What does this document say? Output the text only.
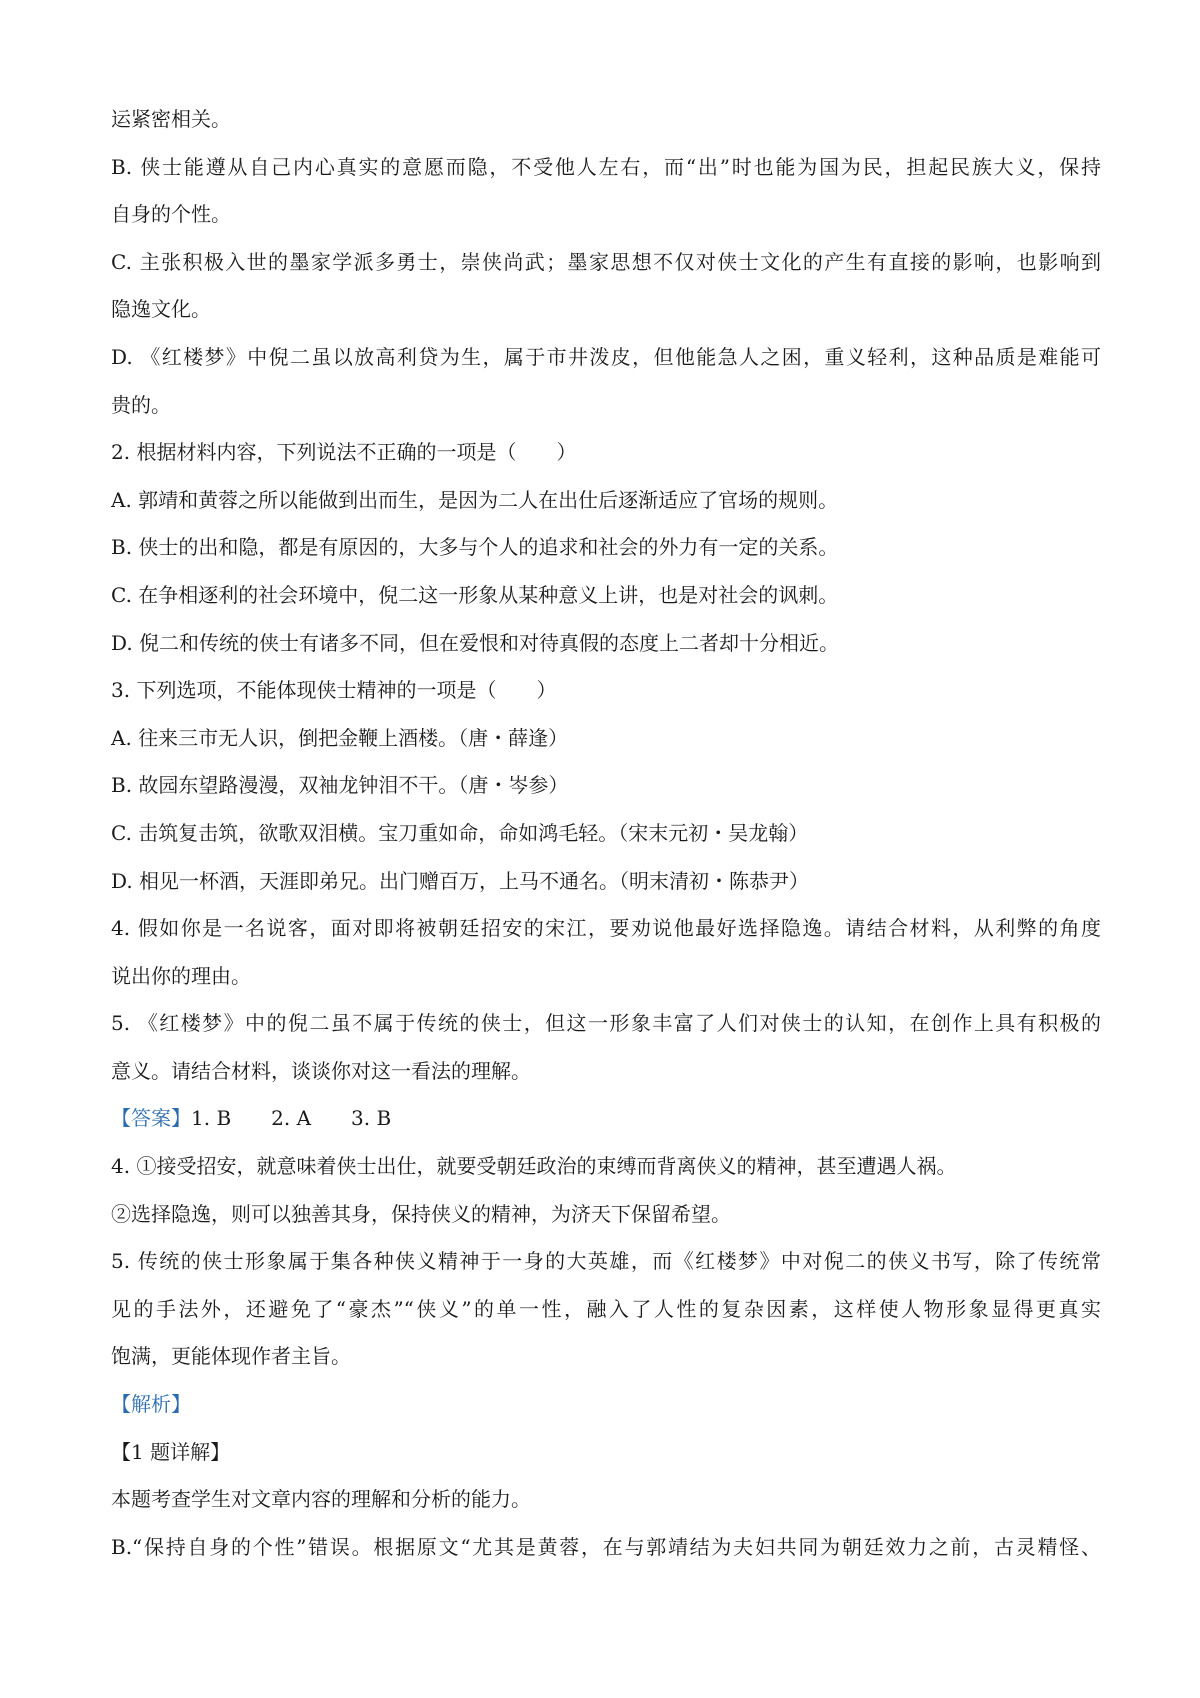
运紧密相关。
B. 侠士能遵从自己内心真实的意愿而隐，不受他人左右，而“出”时也能为国为民，担起民族大义，保持
自身的个性。
C. 主张积极入世的墨家学派多勇士，崇侠尚武；墨家思想不仅对侠士文化的产生有直接的影响，也影响到
隐逸文化。
D. 《红楼梦》中倪二虽以放高利贷为生，属于市井泼皮，但他能急人之困，重义轻利，这种品质是难能可
贵的。
2. 根据材料内容，下列说法不正确的一项是（　　）
A. 郭靖和黄蓉之所以能做到出而生，是因为二人在出仕后逐渐适应了官场的规则。
B. 侠士的出和隐，都是有原因的，大多与个人的追求和社会的外力有一定的关系。
C. 在争相逐利的社会环境中，倪二这一形象从某种意义上讲，也是对社会的讽刺。
D. 倪二和传统的侠士有诸多不同，但在爱恨和对待真假的态度上二者却十分相近。
3. 下列选项，不能体现侠士精神的一项是（　　）
A. 往来三市无人识，倒把金鞭上酒楼。（唐・薛逢）
B. 故园东望路漫漫，双袖龙钟泪不干。（唐・岑参）
C. 击筑复击筑，欲歌双泪横。宝刀重如命，命如鸿毛轻。（宋末元初・吴龙翰）
D. 相见一杯酒，天涯即弟兄。出门赠百万，上马不通名。（明末清初・陈恭尹）
4. 假如你是一名说客，面对即将被朝廷招安的宋江，要劝说他最好选择隐逸。请结合材料，从利弊的角度
说出你的理由。
5. 《红楼梦》中的倪二虽不属于传统的侠士，但这一形象丰富了人们对侠士的认知，在创作上具有积极的
意义。请结合材料，谈谈你对这一看法的理解。
【答案】1. B 2. A 3. B
4. ①接受招安，就意味着侠士出仕，就要受朝廷政治的束缚而背离侠义的精神，甚至遭遇人祸。
②选择隐逸，则可以独善其身，保持侠义的精神，为济天下保留希望。
5. 传统的侠士形象属于集各种侠义精神于一身的大英雄，而《红楼梦》中对倪二的侠义书写，除了传统常
见的手法外，还避免了“豪杰”“侠义”的单一性，融入了人性的复杂因素，这样使人物形象显得更真实
饱满，更能体现作者主旨。
【解析】
【1 题详解】
本题考查学生对文章内容的理解和分析的能力。
B.“保持自身的个性”错误。根据原文“尤其是黄蓉，在与郭靖结为夫妇共同为朝廷效力之前，古灵精怪、
